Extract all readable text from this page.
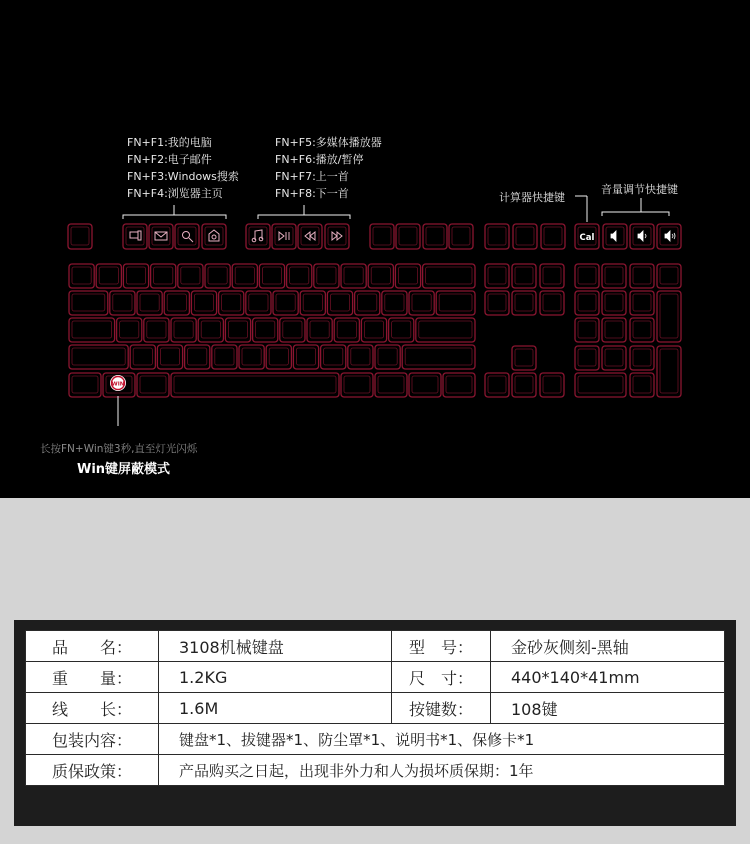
Cal
WIN
FN+F1:我的电脑
FN+F2:电子邮件
FN+F3:Windows搜索
FN+F4:浏览器主页
FN+F5:多媒体播放器
FN+F6:播放/暂停
FN+F7:上一首
FN+F8:下一首	计算器快捷键
音量调节快捷键
长按FN+Win键3秒,直至灯光闪烁
Win键屏蔽模式
品　　名：	3108机械键盘	型　号：	金砂灰侧刻-黑轴
重　　量：	1.2KG	尺　寸：	440*140*41mm
线　　长：	1.6M	按键数：	108键
包装内容：	键盘*1、拔键器*1、防尘罩*1、说明书*1、保修卡*1		
质保政策：	产品购买之日起，出现非外力和人为损坏质保期：1年		
